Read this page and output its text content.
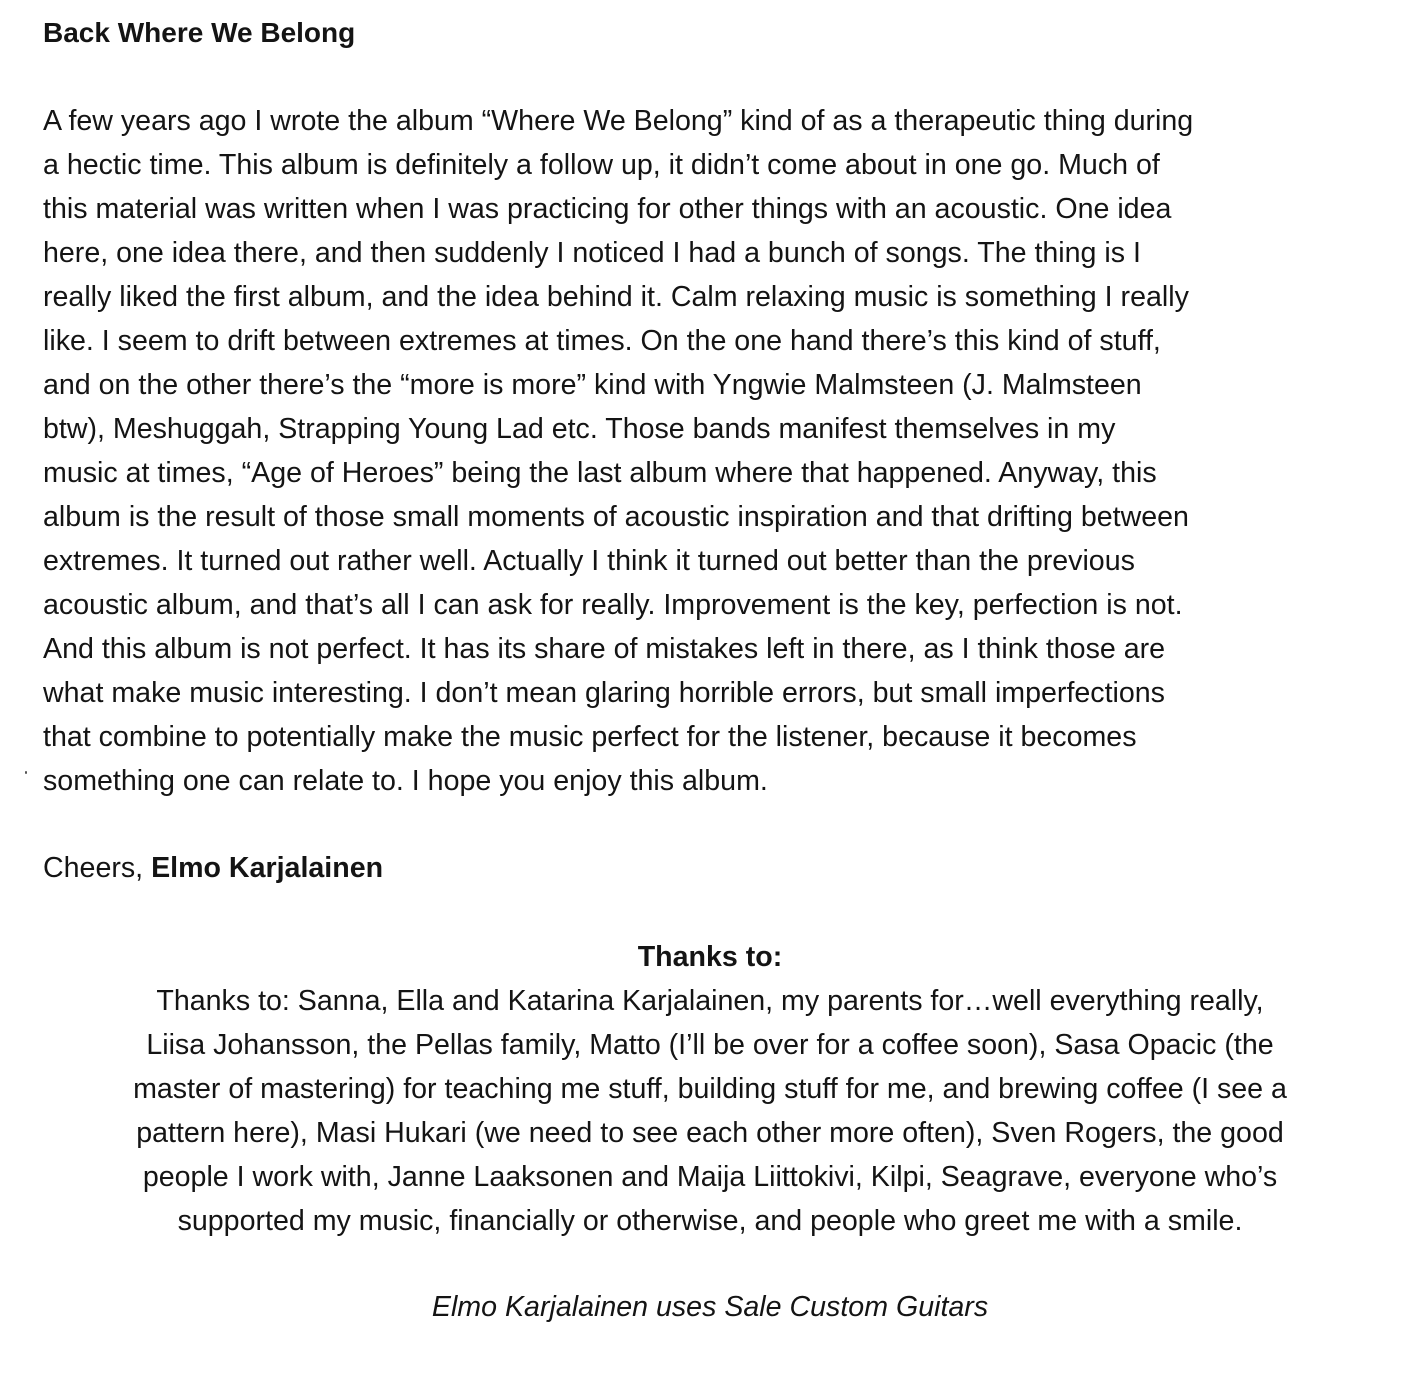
Back Where We Belong

A few years ago I wrote the album “Where We Belong” kind of as a therapeutic thing during
a hectic time. This album is definitely a follow up, it didn’t come about in one go. Much of
this material was written when I was practicing for other things with an acoustic. One idea
here, one idea there, and then suddenly I noticed I had a bunch of songs. The thing is I
really liked the first album, and the idea behind it. Calm relaxing music is something I really
like. I seem to drift between extremes at times. On the one hand there’s this kind of stuff,
and on the other there’s the “more is more” kind with Yngwie Malmsteen (J. Malmsteen
btw), Meshuggah, Strapping Young Lad etc. Those bands manifest themselves in my
music at times, “Age of Heroes” being the last album where that happened. Anyway, this
album is the result of those small moments of acoustic inspiration and that drifting between
extremes. It turned out rather well. Actually I think it turned out better than the previous
acoustic album, and that’s all I can ask for really. Improvement is the key, perfection is not.
And this album is not perfect. It has its share of mistakes left in there, as I think those are
what make music interesting. I don’t mean glaring horrible errors, but small imperfections
that combine to potentially make the music perfect for the listener, because it becomes
something one can relate to. I hope you enjoy this album.

Cheers, Elmo Karjalainen

Thanks to:

Thanks to: Sanna, Ella and Katarina Karjalainen, my parents for…well everything really,
Liisa Johansson, the Pellas family, Matto (I’ll be over for a coffee soon), Sasa Opacic (the
master of mastering) for teaching me stuff, building stuff for me, and brewing coffee (I see a
pattern here), Masi Hukari (we need to see each other more often), Sven Rogers, the good
people I work with, Janne Laaksonen and Maija Liittokivi, Kilpi, Seagrave, everyone who’s
supported my music, financially or otherwise, and people who greet me with a smile.

Elmo Karjalainen uses Sale Custom Guitars
